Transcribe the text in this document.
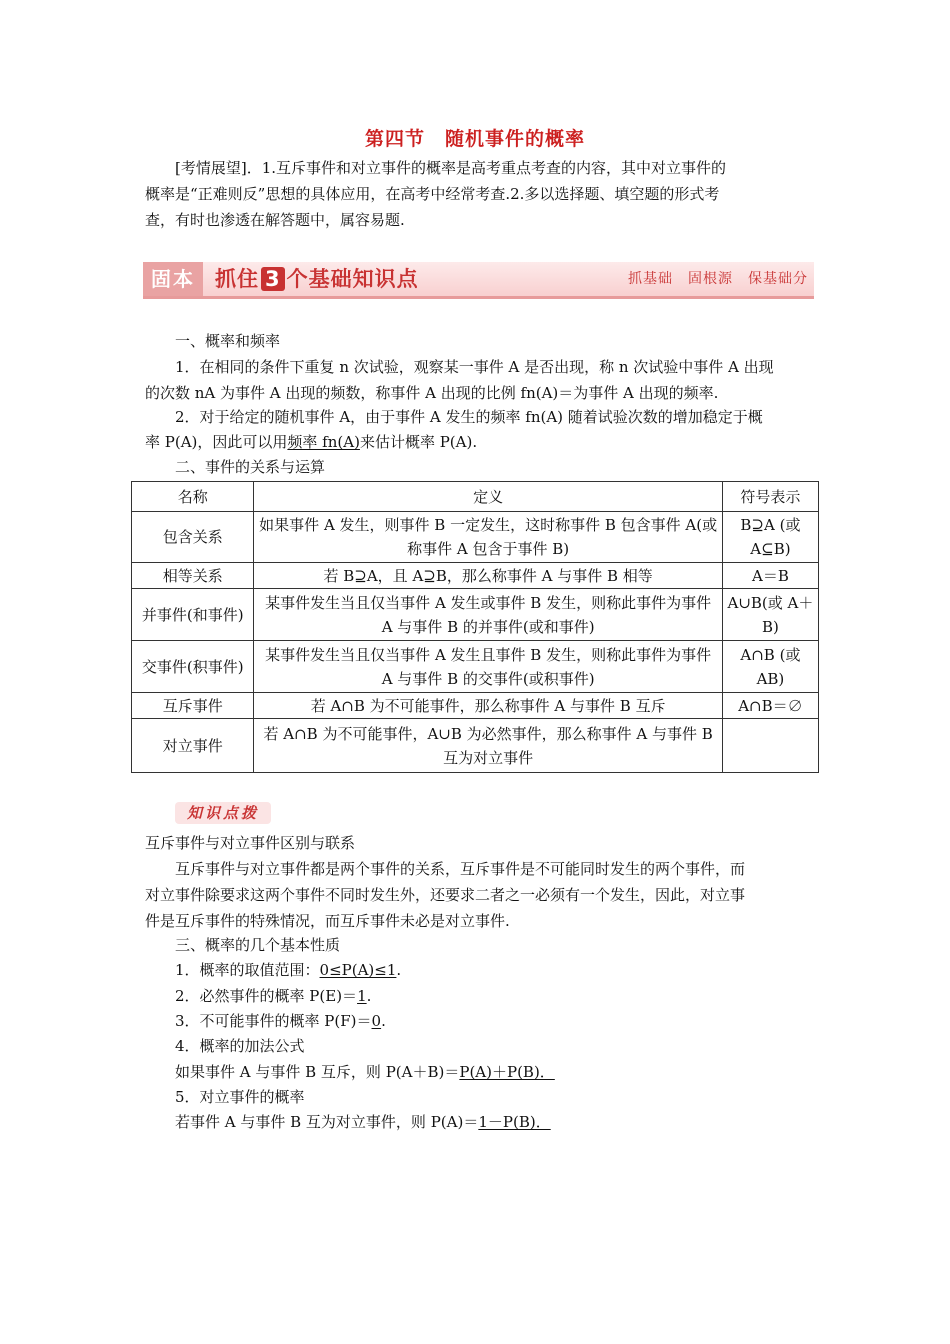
第四节　随机事件的概率
[考情展望]．1.互斥事件和对立事件的概率是高考重点考查的内容，其中对立事件的
概率是“正难则反”思想的具体应用，在高考中经常考查.2.多以选择题、填空题的形式考
查，有时也渗透在解答题中，属容易题.
固本 抓住 3 个基础知识点	抓基础　固根源　保基础分
一、概率和频率
1．在相同的条件下重复 n 次试验，观察某一事件 A 是否出现，称 n 次试验中事件 A 出现
的次数 nA 为事件 A 出现的频数，称事件 A 出现的比例 fn(A)＝为事件 A 出现的频率.
2．对于给定的随机事件 A，由于事件 A 发生的频率 fn(A) 随着试验次数的增加稳定于概
率 P(A)，因此可以用频率 fn(A)来估计概率 P(A).
二、事件的关系与运算
名称	定义	符号表示
包含关系	如果事件 A 发生，则事件 B 一定发生，这时称事件 B 包含事件 A(或称事件 A 包含于事件 B)	B⊇A (或 A⊆B)
相等关系	若 B⊇A，且 A⊇B，那么称事件 A 与事件 B 相等	A＝B
并事件(和事件)	某事件发生当且仅当事件 A 发生或事件 B 发生，则称此事件为事件 A 与事件 B 的并事件(或和事件)	A∪B(或 A＋B)
交事件(积事件)	某事件发生当且仅当事件 A 发生且事件 B 发生，则称此事件为事件 A 与事件 B 的交事件(或积事件)	A∩B (或 AB)
互斥事件	若 A∩B 为不可能事件，那么称事件 A 与事件 B 互斥	A∩B＝∅
对立事件	若 A∩B 为不可能事件，A∪B 为必然事件，那么称事件 A 与事件 B 互为对立事件	
知识点拨
互斥事件与对立事件区别与联系
互斥事件与对立事件都是两个事件的关系，互斥事件是不可能同时发生的两个事件，而
对立事件除要求这两个事件不同时发生外，还要求二者之一必须有一个发生，因此，对立事
件是互斥事件的特殊情况，而互斥事件未必是对立事件.
三、概率的几个基本性质
1．概率的取值范围：0≤P(A)≤1.
2．必然事件的概率 P(E)＝1.
3．不可能事件的概率 P(F)＝0.
4．概率的加法公式
如果事件 A 与事件 B 互斥，则 P(A＋B)＝P(A)＋P(B)．
5．对立事件的概率
若事件 A 与事件 B 互为对立事件，则 P(A)＝1－P(B)．
